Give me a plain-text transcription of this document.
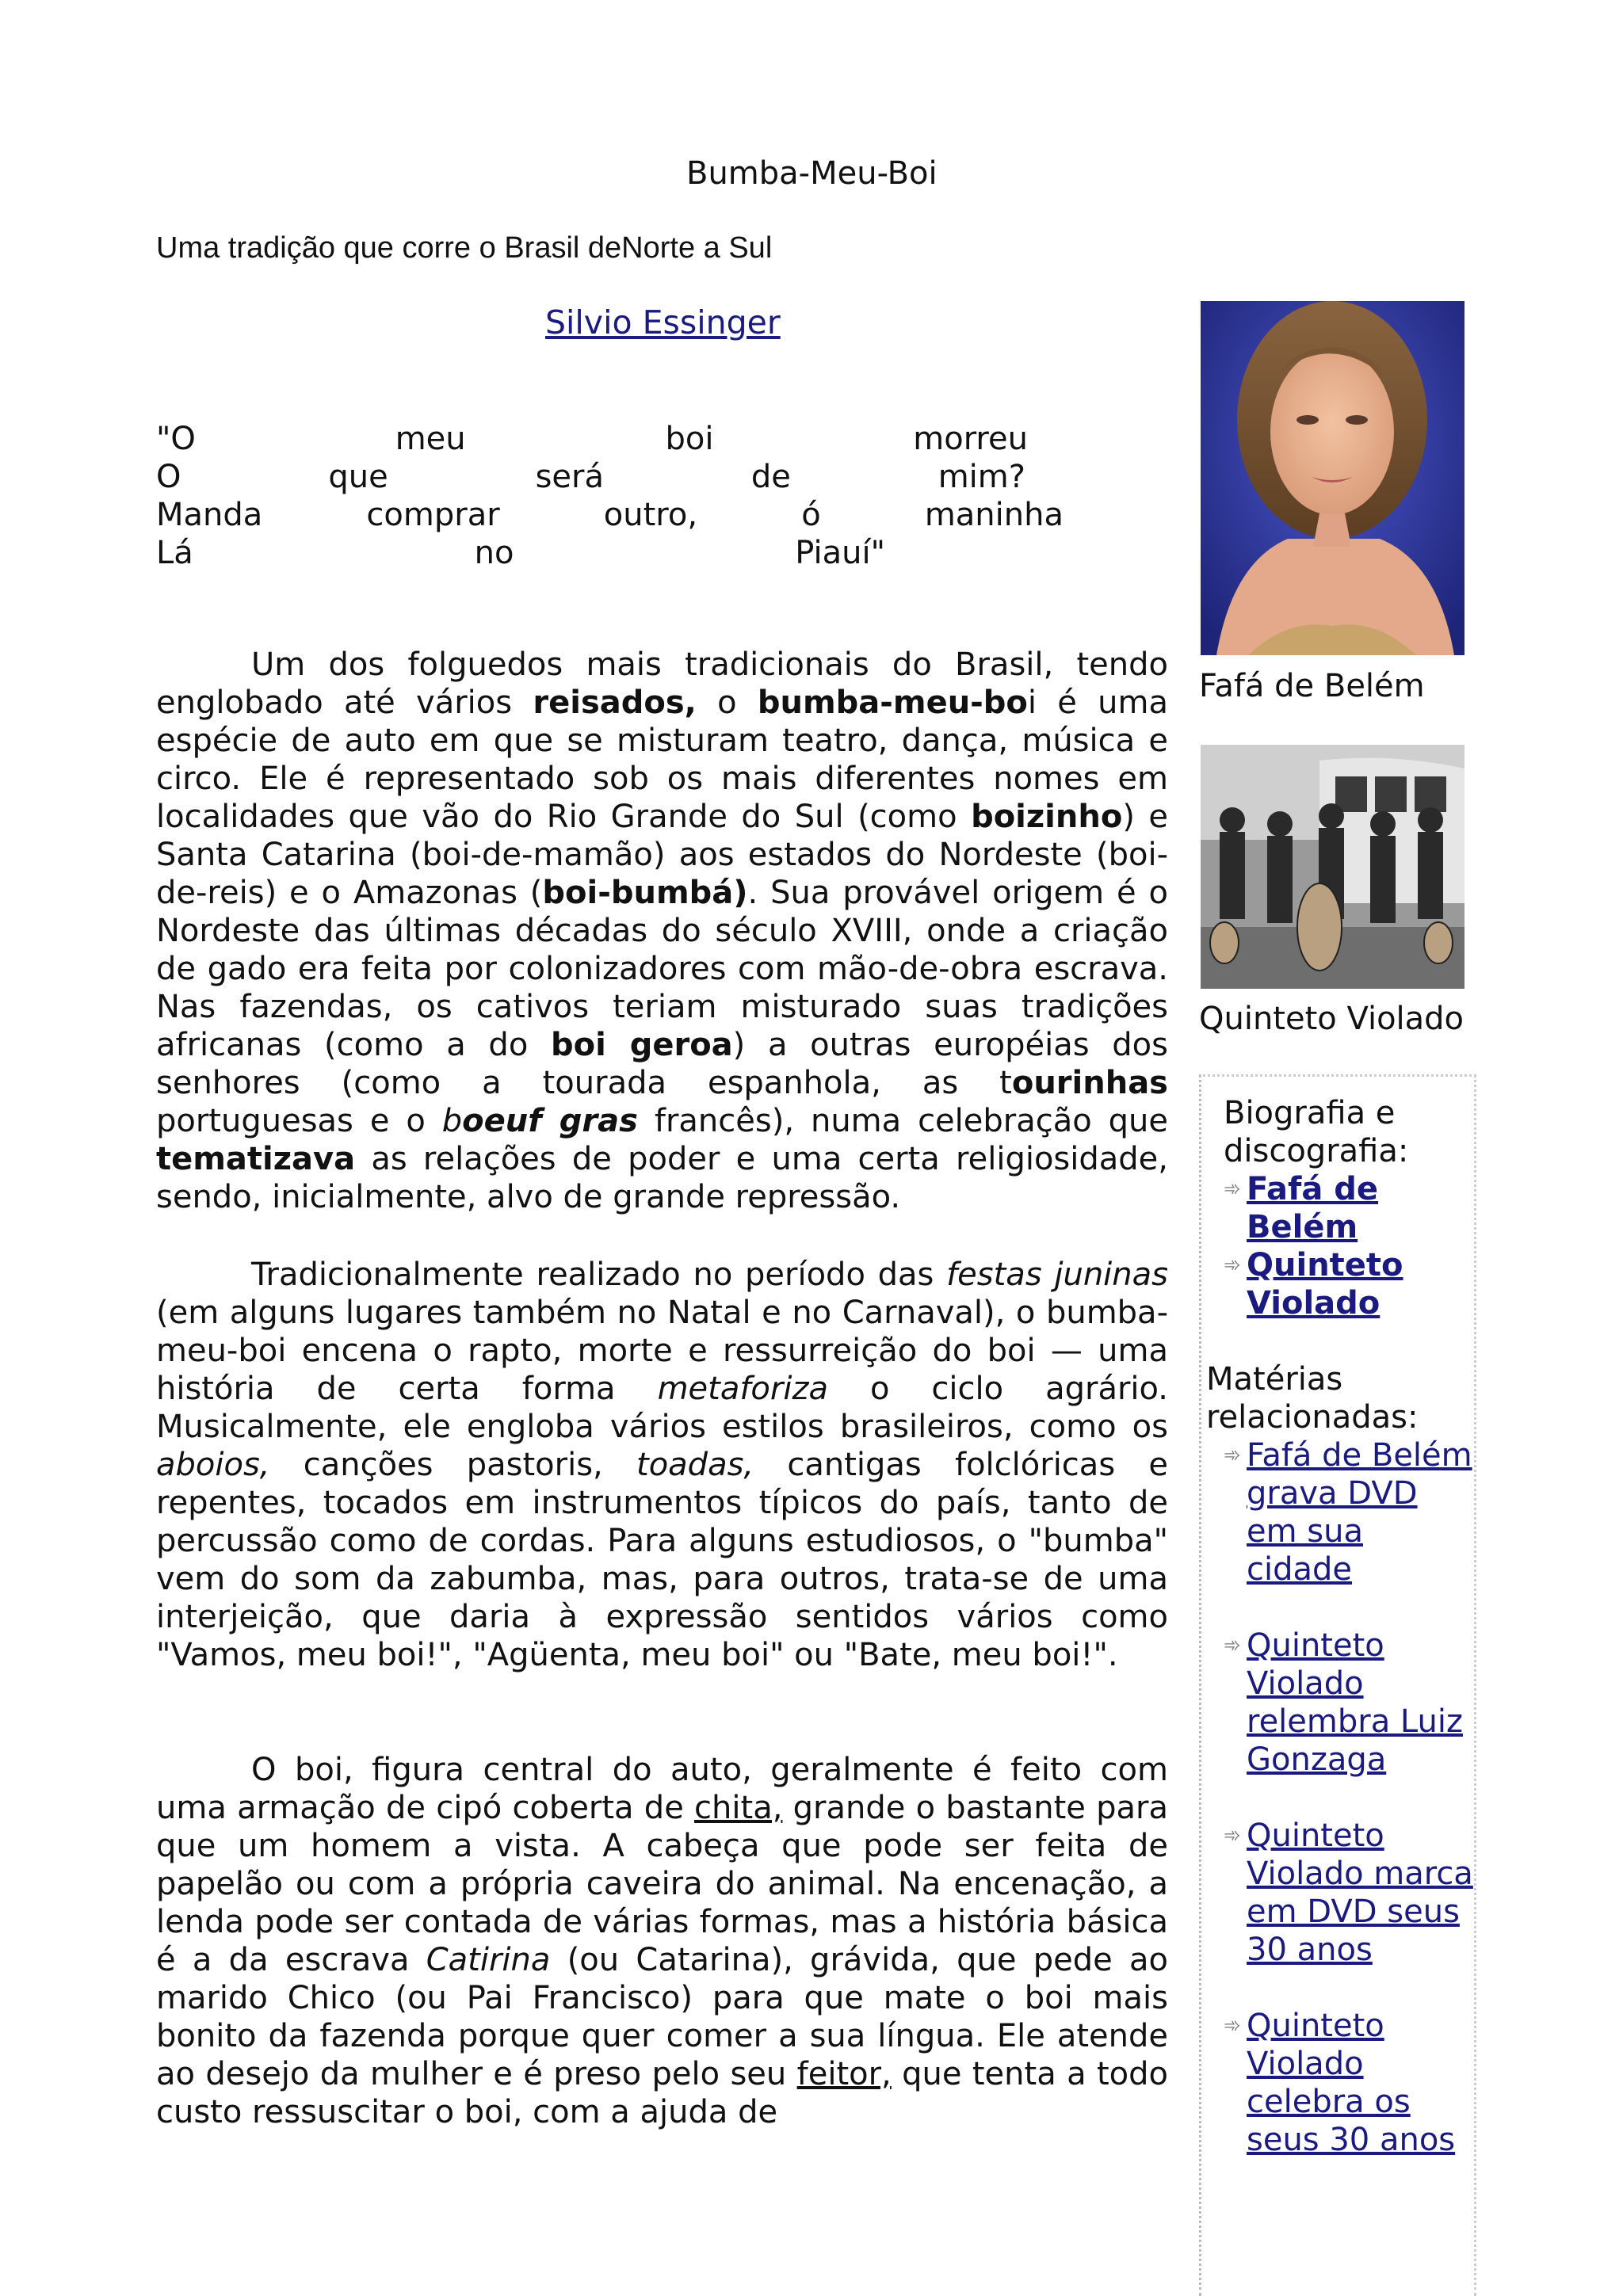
Bumba-Meu-Boi
Uma tradição que corre o Brasil deNorte a Sul
Silvio Essinger
"O	meu	boi	morreu
O	que	será	de	mim?
Manda	comprar	outro,	ó	maninha
Lá	no	Piauí"

Um dos folguedos mais tradicionais do Brasil, tendo englobado até vários reisados, o bumba-meu-boi é uma espécie de auto em que se misturam teatro, dança, música e circo. Ele é representado sob os mais diferentes nomes em localidades que vão do Rio Grande do Sul (como boizinho) e Santa Catarina (boi-de-mamão) aos estados do Nordeste (boi-de-reis) e o Amazonas (boi-bumbá). Sua provável origem é o Nordeste das últimas décadas do século XVIII, onde a criação de gado era feita por colonizadores com mão-de-obra escrava. Nas fazendas, os cativos teriam misturado suas tradições africanas (como a do boi geroa) a outras européias dos senhores (como a tourada espanhola, as tourinhas portuguesas e o boeuf gras francês), numa celebração que tematizava as relações de poder e uma certa religiosidade, sendo, inicialmente, alvo de grande repressão.

Tradicionalmente realizado no período das festas juninas (em alguns lugares também no Natal e no Carnaval), o bumba-meu-boi encena o rapto, morte e ressurreição do boi — uma história de certa forma metaforiza o ciclo agrário. Musicalmente, ele engloba vários estilos brasileiros, como os aboios, canções pastoris, toadas, cantigas folclóricas e repentes, tocados em instrumentos típicos do país, tanto de percussão como de cordas. Para alguns estudiosos, o "bumba" vem do som da zabumba, mas, para outros, trata-se de uma interjeição, que daria à expressão sentidos vários como "Vamos, meu boi!", "Agüenta, meu boi" ou "Bate, meu boi!".

O boi, figura central do auto, geralmente é feito com uma armação de cipó coberta de chita, grande o bastante para que um homem a vista. A cabeça que pode ser feita de papelão ou com a própria caveira do animal. Na encenação, a lenda pode ser contada de várias formas, mas a história básica é a da escrava Catirina (ou Catarina), grávida, que pede ao marido Chico (ou Pai Francisco) para que mate o boi mais bonito da fazenda porque quer comer a sua língua. Ele atende ao desejo da mulher e é preso pelo seu feitor, que tenta a todo custo ressuscitar o boi, com a ajuda de

Fafá de Belém
Quinteto Violado
Biografia e discografia:
➾ Fafá de Belém
➾ Quinteto Violado
Matérias relacionadas:
➾ Fafá de Belém grava DVD em sua cidade
➾ Quinteto Violado relembra Luiz Gonzaga
➾ Quinteto Violado marca em DVD seus 30 anos
➾ Quinteto Violado celebra os seus 30 anos
